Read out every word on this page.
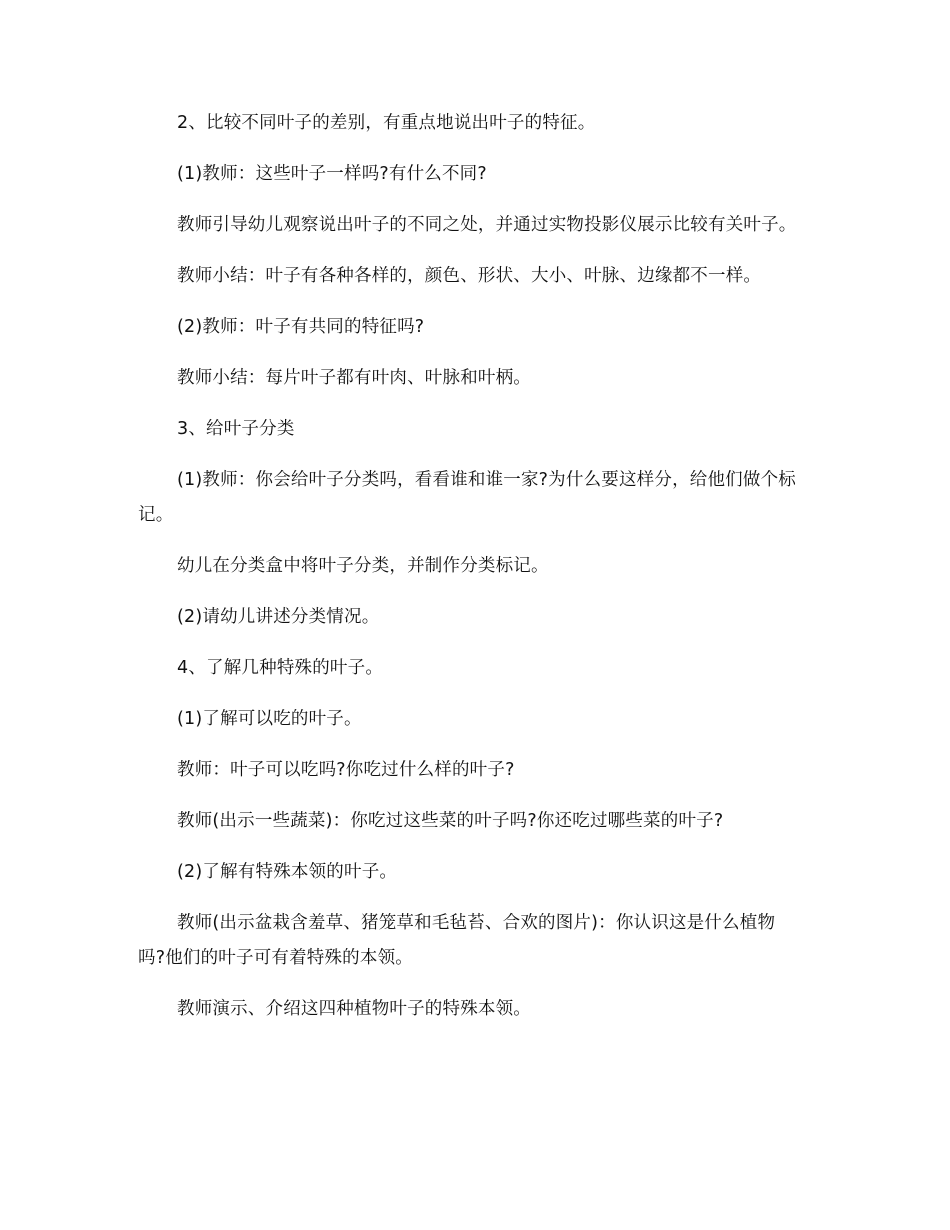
2、比较不同叶子的差别，有重点地说出叶子的特征。

(1)教师：这些叶子一样吗?有什么不同?

教师引导幼儿观察说出叶子的不同之处，并通过实物投影仪展示比较有关叶子。

教师小结：叶子有各种各样的，颜色、形状、大小、叶脉、边缘都不一样。

(2)教师：叶子有共同的特征吗?

教师小结：每片叶子都有叶肉、叶脉和叶柄。

3、给叶子分类

(1)教师：你会给叶子分类吗，看看谁和谁一家?为什么要这样分，给他们做个标记。

幼儿在分类盒中将叶子分类，并制作分类标记。

(2)请幼儿讲述分类情况。

4、了解几种特殊的叶子。

(1)了解可以吃的叶子。

教师：叶子可以吃吗?你吃过什么样的叶子?

教师(出示一些蔬菜)：你吃过这些菜的叶子吗?你还吃过哪些菜的叶子?

(2)了解有特殊本领的叶子。

教师(出示盆栽含羞草、猪笼草和毛毡苔、合欢的图片)：你认识这是什么植物吗?他们的叶子可有着特殊的本领。

教师演示、介绍这四种植物叶子的特殊本领。
